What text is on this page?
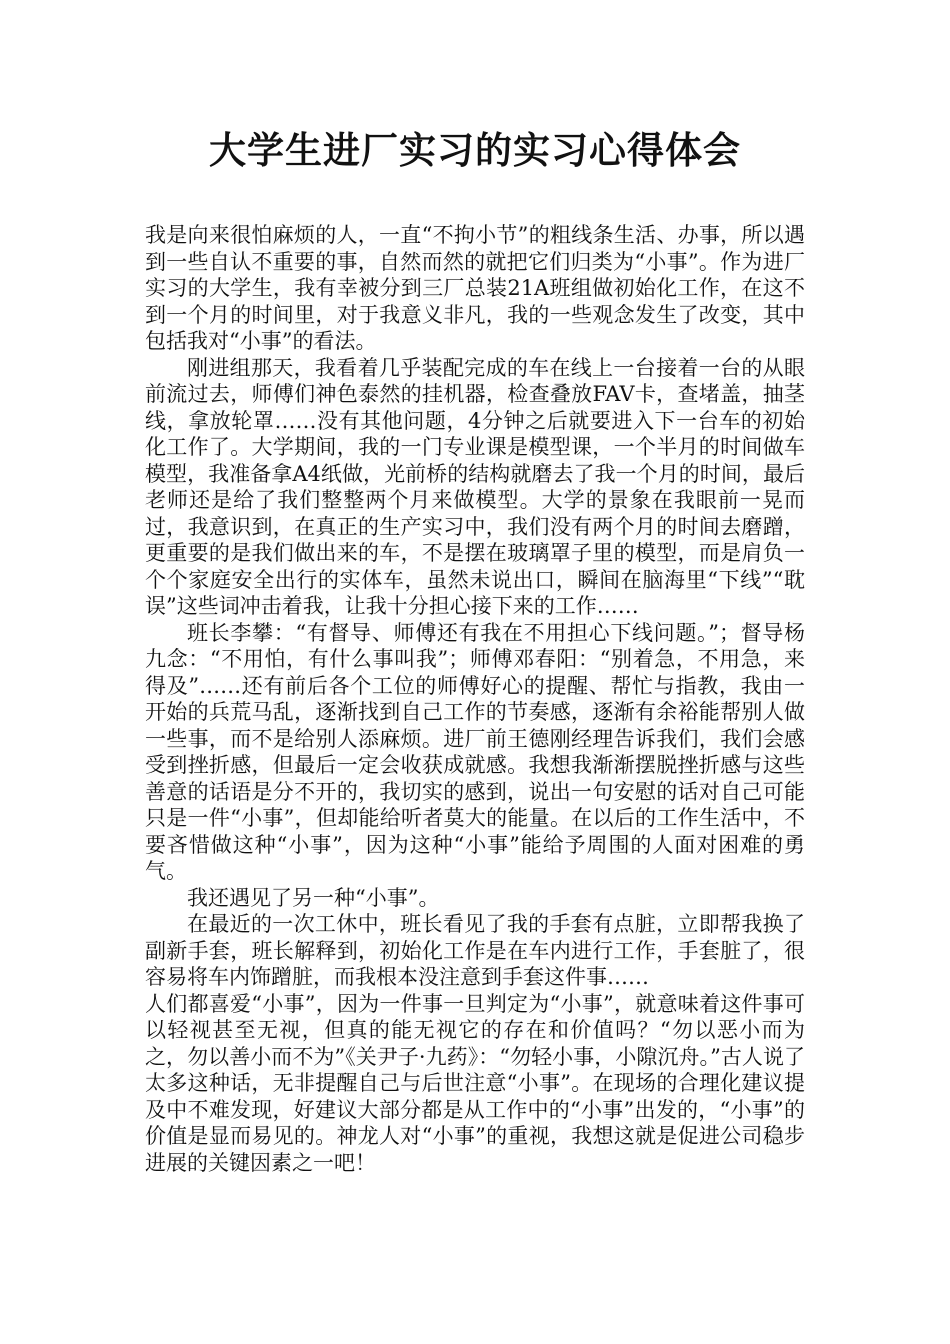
大学生进厂实习的实习心得体会

我是向来很怕麻烦的人，一直“不拘小节”的粗线条生活、办事，所以遇到一些自认不重要的事，自然而然的就把它们归类为“小事”。作为进厂实习的大学生，我有幸被分到三厂总装21A班组做初始化工作，在这不到一个月的时间里，对于我意义非凡，我的一些观念发生了改变，其中包括我对“小事”的看法。

刚进组那天，我看着几乎装配完成的车在线上一台接着一台的从眼前流过去，师傅们神色泰然的挂机器，检查叠放FAV卡，查堵盖，抽茎线，拿放轮罩……没有其他问题，4分钟之后就要进入下一台车的初始化工作了。大学期间，我的一门专业课是模型课，一个半月的时间做车模型，我准备拿A4纸做，光前桥的结构就磨去了我一个月的时间，最后老师还是给了我们整整两个月来做模型。大学的景象在我眼前一晃而过，我意识到，在真正的生产实习中，我们没有两个月的时间去磨蹭，更重要的是我们做出来的车，不是摆在玻璃罩子里的模型，而是肩负一个个家庭安全出行的实体车，虽然未说出口，瞬间在脑海里“下线”“耽误”这些词冲击着我，让我十分担心接下来的工作……

班长李攀：“有督导、师傅还有我在不用担心下线问题。”；督导杨九念：“不用怕，有什么事叫我”；师傅邓春阳：“别着急，不用急，来得及”……还有前后各个工位的师傅好心的提醒、帮忙与指教，我由一开始的兵荒马乱，逐渐找到自己工作的节奏感，逐渐有余裕能帮别人做一些事，而不是给别人添麻烦。进厂前王德刚经理告诉我们，我们会感受到挫折感，但最后一定会收获成就感。我想我渐渐摆脱挫折感与这些善意的话语是分不开的，我切实的感到，说出一句安慰的话对自己可能只是一件“小事”，但却能给听者莫大的能量。在以后的工作生活中，不要吝惜做这种“小事”，因为这种“小事”能给予周围的人面对困难的勇气。

我还遇见了另一种“小事”。

在最近的一次工休中，班长看见了我的手套有点脏，立即帮我换了副新手套，班长解释到，初始化工作是在车内进行工作，手套脏了，很容易将车内饰蹭脏，而我根本没注意到手套这件事……

人们都喜爱“小事”，因为一件事一旦判定为“小事”，就意味着这件事可以轻视甚至无视，但真的能无视它的存在和价值吗？“勿以恶小而为之，勿以善小而不为”《关尹子·九药》：“勿轻小事，小隙沉舟。”古人说了太多这种话，无非提醒自己与后世注意“小事”。在现场的合理化建议提及中不难发现，好建议大部分都是从工作中的“小事”出发的，“小事”的价值是显而易见的。神龙人对“小事”的重视，我想这就是促进公司稳步进展的关键因素之一吧！
